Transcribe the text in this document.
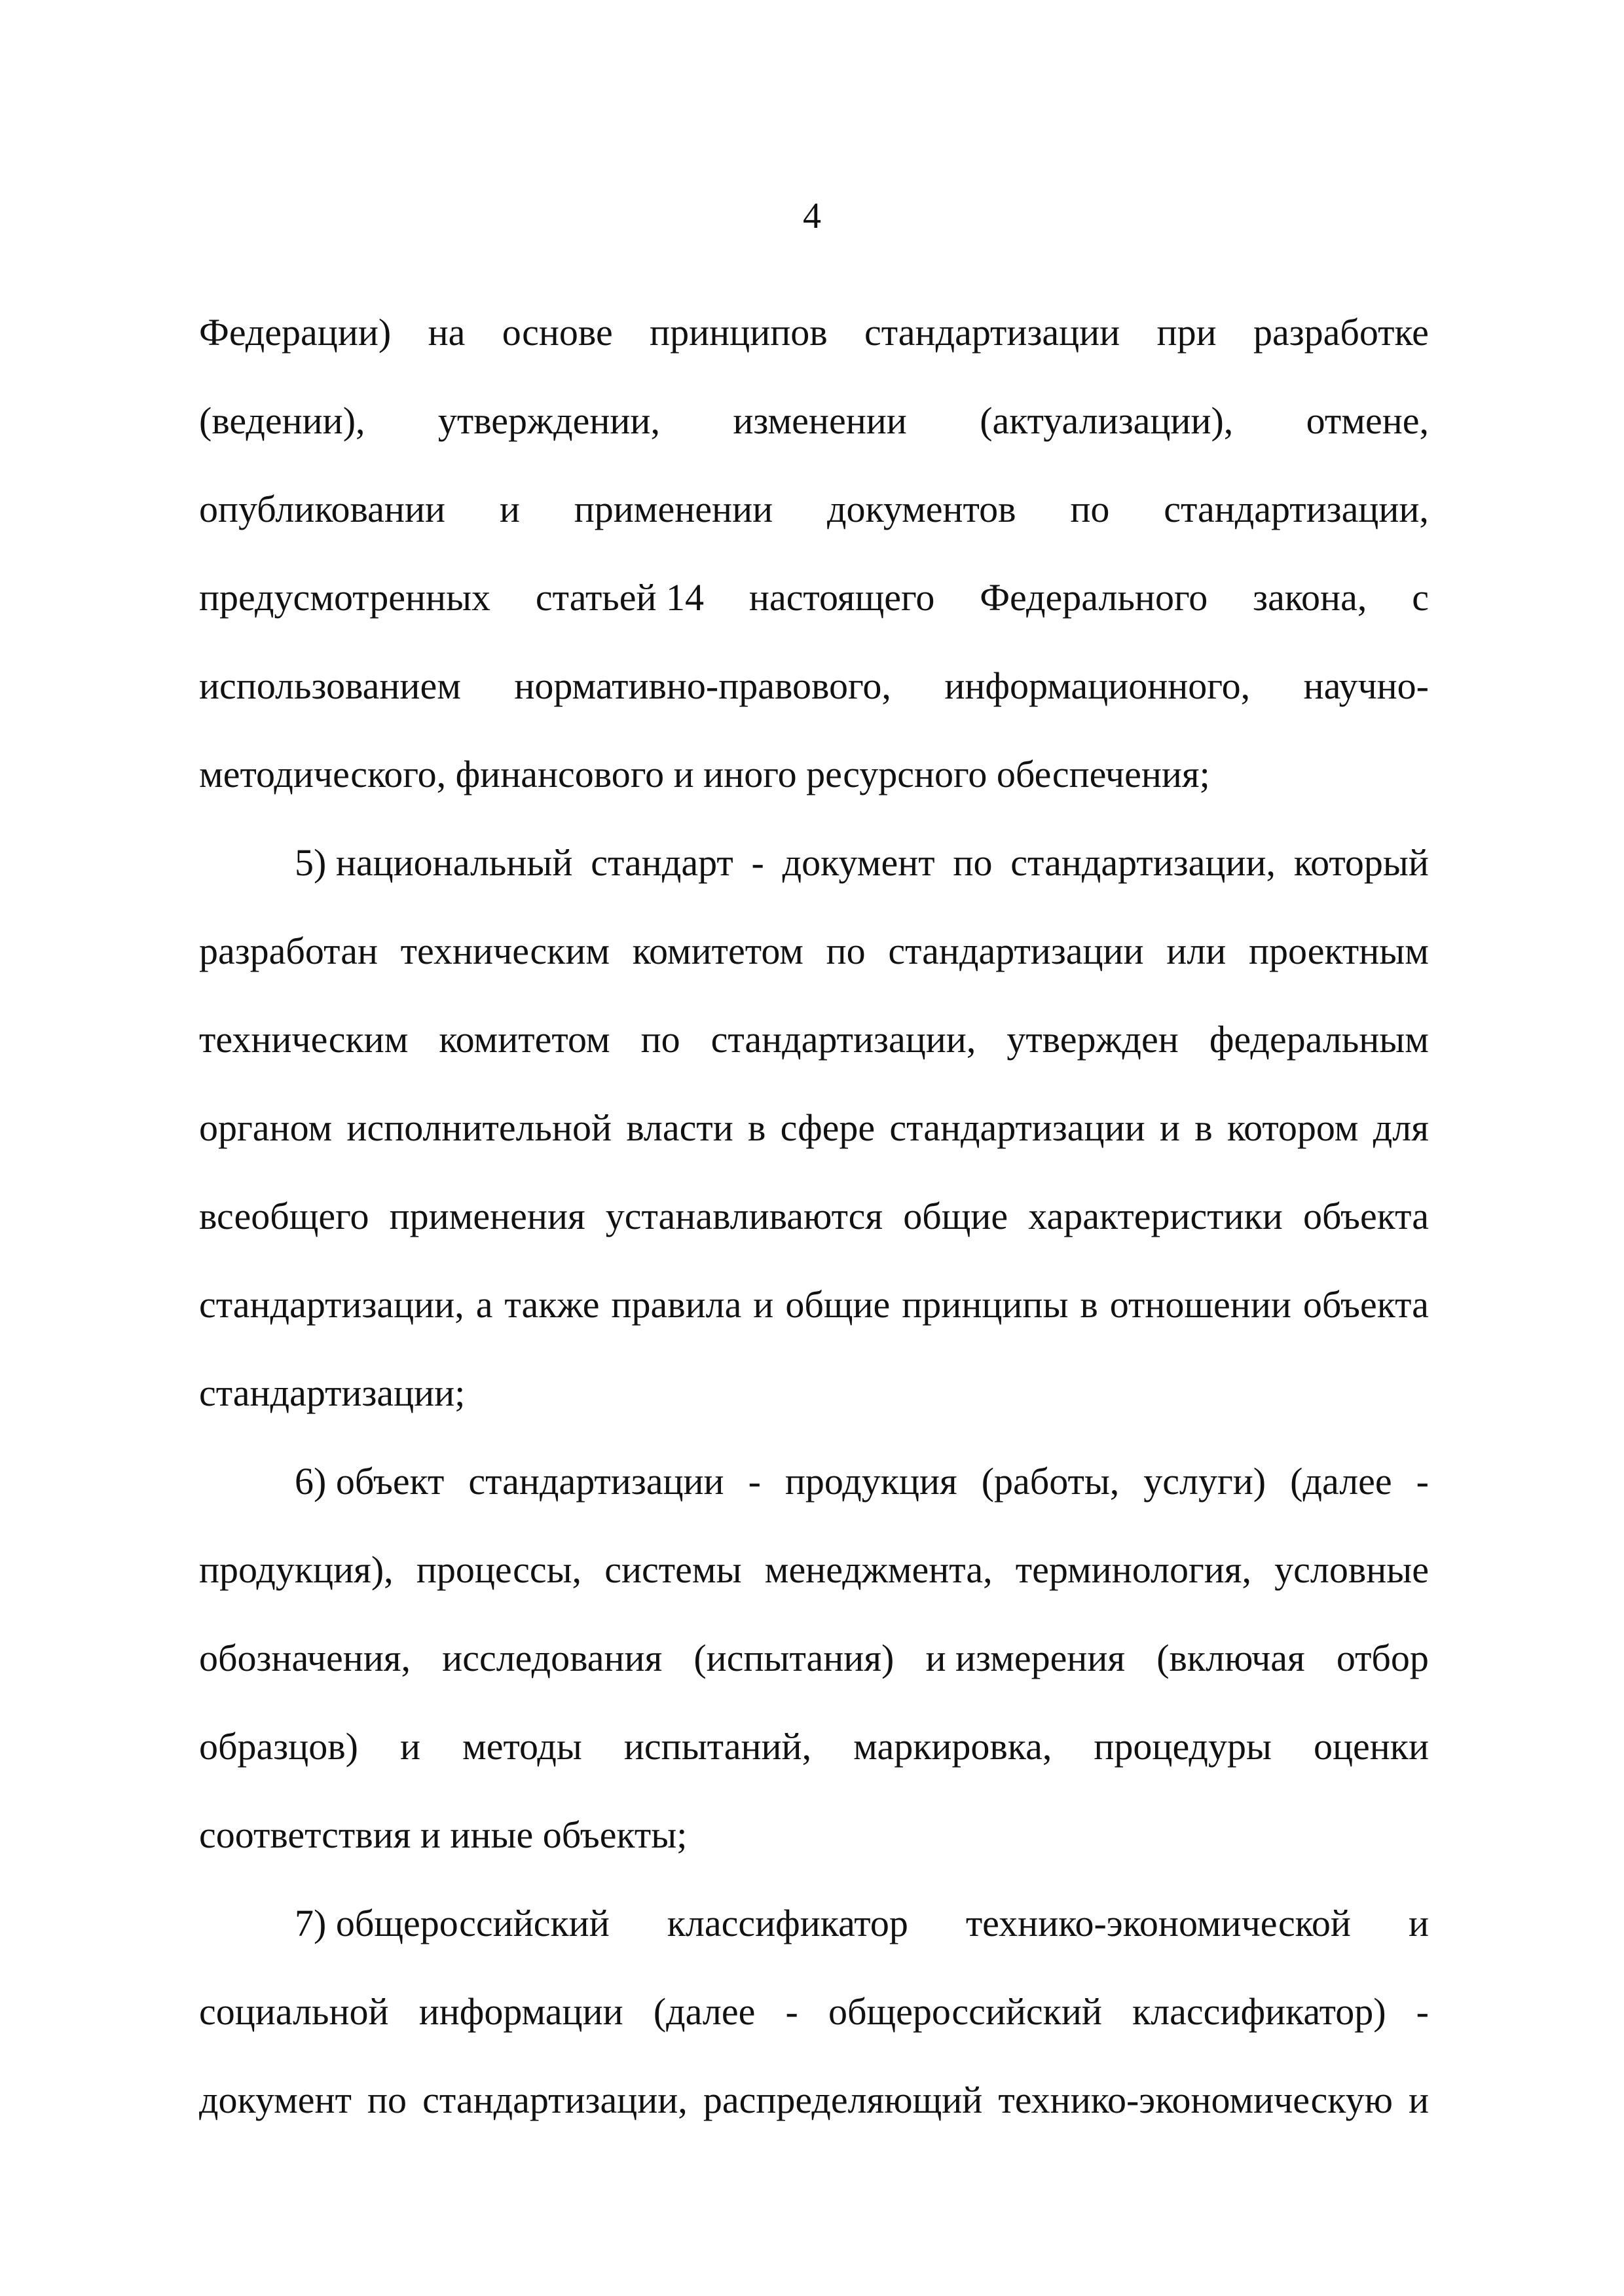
4
Федерации) на основе принципов стандартизации при разработке
(ведении), утверждении, изменении (актуализации), отмене,
опубликовании и применении документов по стандартизации,
предусмотренных статьей 14 настоящего Федерального закона, с
использованием нормативно-правового, информационного, научно-
методического, финансового и иного ресурсного обеспечения;
5) национальный стандарт - документ по стандартизации, который
разработан техническим комитетом по стандартизации или проектным
техническим комитетом по стандартизации, утвержден федеральным
органом исполнительной власти в сфере стандартизации и в котором для
всеобщего применения устанавливаются общие характеристики объекта
стандартизации, а также правила и общие принципы в отношении объекта
стандартизации;
6) объект стандартизации - продукция (работы, услуги) (далее -
продукция), процессы, системы менеджмента, терминология, условные
обозначения, исследования (испытания) и измерения (включая отбор
образцов) и методы испытаний, маркировка, процедуры оценки
соответствия и иные объекты;
7) общероссийский классификатор технико-экономической и
социальной информации (далее - общероссийский классификатор) -
документ по стандартизации, распределяющий технико-экономическую и
